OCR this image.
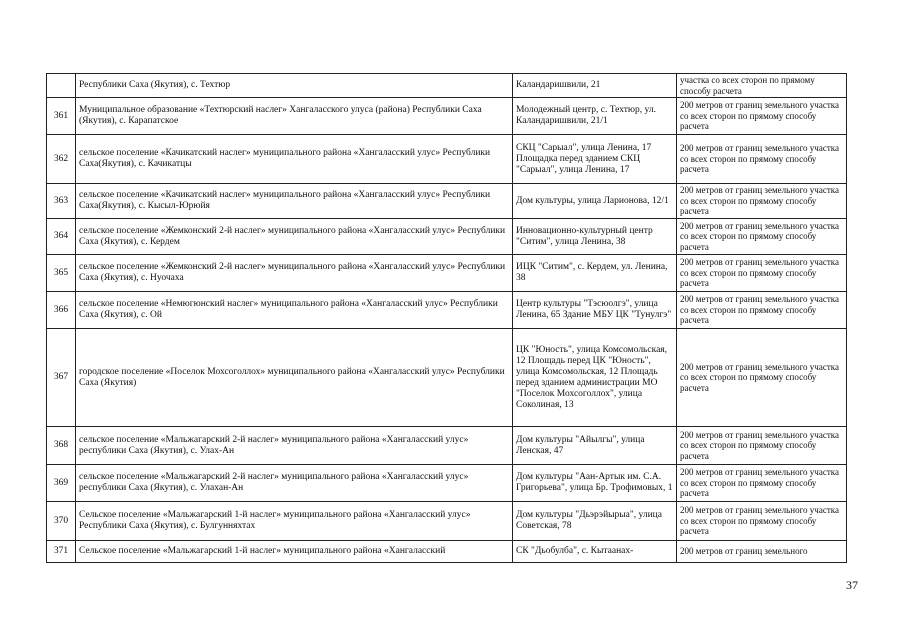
	Республики Саха (Якутия), с. Техтюр	Каландаришвили, 21	участка со всех сторон по прямому способу расчета
361	Муниципальное образование «Техтюрский наслег» Хангаласского улуса (района) Республики Саха (Якутия), с. Карапатское	Молодежный центр, с. Техтюр, ул. Каландаришвили, 21/1	200 метров от границ земельного участка со всех сторон по прямому способу расчета
362	сельское поселение «Качикатский наслег» муниципального района «Хангаласский улус» Республики Саха(Якутия), с. Качикатцы	СКЦ "Сарыал", улица Ленина, 17 Площадка перед зданием СКЦ "Сарыал", улица Ленина, 17	200 метров от границ земельного участка со всех сторон по прямому способу расчета
363	сельское поселение «Качикатский наслег» муниципального района «Хангаласский улус» Республики Саха(Якутия), с. Кысыл-Юрюйя	Дом культуры, улица Ларионова, 12/1	200 метров от границ земельного участка со всех сторон по прямому способу расчета
364	сельское поселение «Жемконский 2-й наслег» муниципального района «Хангаласский улус» Республики Саха (Якутия), с. Кердем	Инновационно-культурный центр "Ситим", улица Ленина, 38	200 метров от границ земельного участка со всех сторон по прямому способу расчета
365	сельское поселение «Жемконский 2-й наслег» муниципального района «Хангаласский улус» Республики Саха (Якутия), с. Нуочаха	ИЦК "Ситим", с. Кердем, ул. Ленина, 38	200 метров от границ земельного участка со всех сторон по прямому способу расчета
366	сельское поселение «Немюгюнский наслег» муниципального района «Хангаласский улус» Республики Саха (Якутия), с. Ой	Центр культуры "Тэсюолгэ", улица Ленина, 65 Здание МБУ ЦК "Тунулгэ"	200 метров от границ земельного участка со всех сторон по прямому способу расчета
367	городское поселение «Поселок Мохсоголлох» муниципального района «Хангаласский улус» Республики Саха (Якутия)	ЦК "Юность", улица Комсомольская, 12 Площадь перед ЦК "Юность", улица Комсомольская, 12 Площадь перед зданием администрации МО "Поселок Мохсоголлох", улица Соколиная, 13	200 метров от границ земельного участка со всех сторон по прямому способу расчета
368	сельское поселение «Мальжагарский 2-й наслег» муниципального района «Хангаласский улус» республики Саха (Якутия), с. Улах-Ан	Дом культуры "Айылгы", улица Ленская, 47	200 метров от границ земельного участка со всех сторон по прямому способу расчета
369	сельское поселение «Мальжагарский 2-й наслег» муниципального района «Хангаласский улус» республики Саха (Якутия), с. Улахан-Ан	Дом культуры "Аан-Артык им. С.А. Григорьева", улица Бр. Трофимовых, 1	200 метров от границ земельного участка со всех сторон по прямому способу расчета
370	Сельское поселение «Мальжагарский 1-й наслег» муниципального района «Хангаласский улус» Республики Саха (Якутия), с. Булгунняхтах	Дом культуры "Дьэрэйырыа", улица Советская, 78	200 метров от границ земельного участка со всех сторон по прямому способу расчета
371	Сельское поселение «Мальжагарский 1-й наслег» муниципального района «Хангаласский	СК "Дьобулба", с. Кытаанах-	200 метров от границ земельного
37
